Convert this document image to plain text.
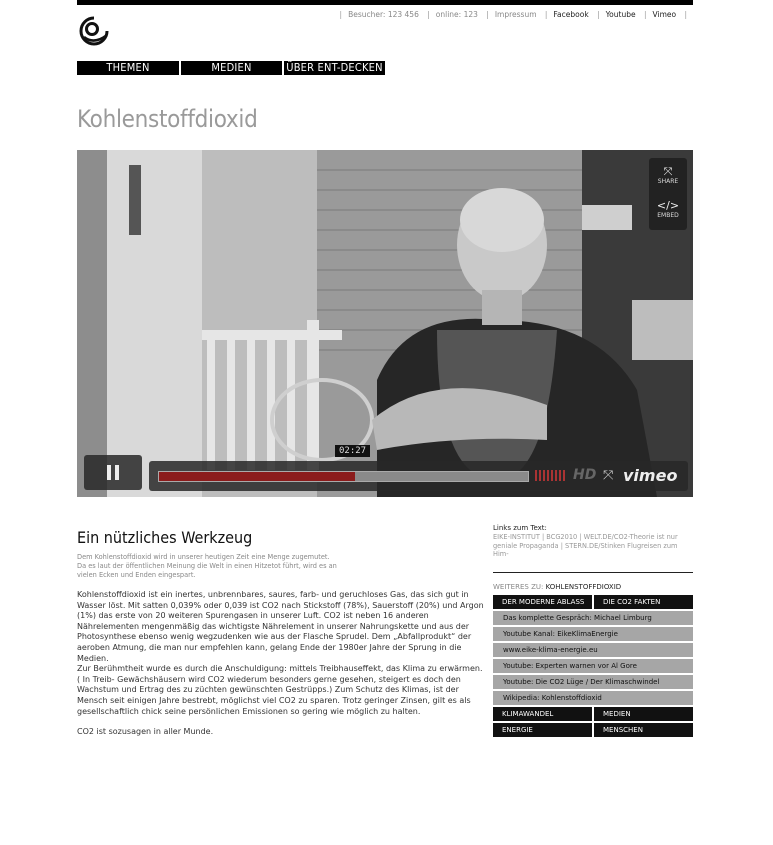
| Besucher: 123 456 | online: 123 | Impressum | Facebook | Youtube | Vimeo |
THEMEN	MEDIEN	ÜBER ENT-DECKEN
Kohlenstoffdioxid
⤧
SHARE
</>
EMBED
02:27
HD ⤧ vimeo
Ein nützliches Werkzeug
Dem Kohlenstoffdioxid wird in unserer heutigen Zeit eine Menge zugemutet.
Da es laut der öffentlichen Meinung die Welt in einen Hitzetot führt, wird es an
vielen Ecken und Enden eingespart.

Kohlenstoffdioxid ist ein inertes, unbrennbares, saures, farb- und geruchloses Gas, das sich gut in Wasser löst. Mit satten 0,039% oder 0,039 ist CO2 nach Stickstoff (78%), Sauerstoff (20%) und Argon (1%) das erste von 20 weiteren Spurengasen in unserer Luft. CO2 ist neben 16 anderen Nährelementen mengenmäßig das wichtigste Nährelement in unserer Nahrungskette und aus der Photosynthese ebenso wenig wegzudenken wie aus der Flasche Sprudel. Dem „Abfallprodukt“ der aeroben Atmung, die man nur empfehlen kann, gelang Ende der 1980er Jahre der Sprung in die Medien.

Zur Berühmtheit wurde es durch die Anschuldigung: mittels Treibhauseffekt, das Klima zu erwärmen.

( In Treib- Gewächshäusern wird CO2 wiederum besonders gerne gesehen, steigert es doch den Wachstum und Ertrag des zu züchten gewünschten Gestrüpps.) Zum Schutz des Klimas, ist der Mensch seit einigen Jahre bestrebt, möglichst viel CO2 zu sparen. Trotz geringer Zinsen, gilt es als gesellschaftlich chick seine persönlichen Emissionen so gering wie möglich zu halten.

CO2 ist sozusagen in aller Munde.

Links zum Text:
EIKE-INSTITUT | BCG2010 | WELT.DE/CO2-Theorie ist nur
geniale Propaganda | STERN.DE/Stinken Flugreisen zum Him-
WEITERES ZU: KOHLENSTOFFDIOXID
DER MODERNE ABLASS	DIE CO2 FAKTEN
Das komplette Gespräch: Michael Limburg
Youtube Kanal: EikeKlimaEnergie
www.eike-klima-energie.eu
Youtube: Experten warnen vor Al Gore
Youtube: Die CO2 Lüge / Der Klimaschwindel
Wikipedia: Kohlenstoffdioxid
KLIMAWANDEL	MEDIEN
ENERGIE	MENSCHEN
